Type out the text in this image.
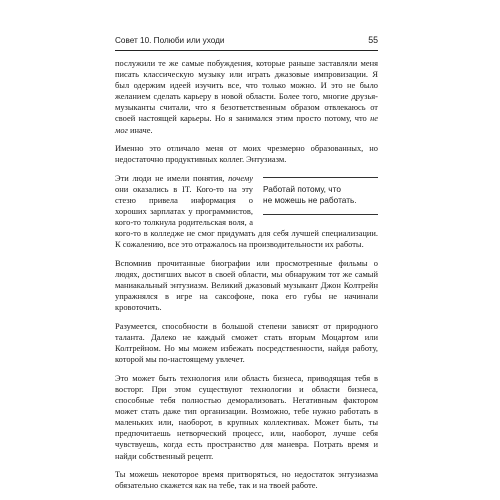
Совет 10. Полюби или уходи	55

послужили те же самые побуждения, которые раньше заставляли меня писать классическую музыку или играть джазовые импровизации. Я был одержим идеей изучить все, что только можно. И это не было желанием сделать карьеру в новой области. Более того, многие друзья-музыканты считали, что я безответственным образом отвлекаюсь от своей настоящей карьеры. Но я занимался этим просто потому, что не мог иначе.

Именно это отличало меня от моих чрезмерно образованных, но недостаточно продуктивных коллег. Энтузиазм.

Эти люди не имели понятия, почему
Работай потому, что
не можешь не работать.
они оказались в IT. Кого-то на эту стезю привела информация о хороших зарплатах у программистов, кого-то толкнула родительская воля, а кого-то в колледже не смог придумать для себя лучшей специализации. К сожалению, все это отражалось на производительности их работы.

Вспомнив прочитанные биографии или просмотренные фильмы о людях, достигших высот в своей области, мы обнаружим тот же самый маниакальный энтузиазм. Великий джазовый музыкант Джон Колтрейн упражнялся в игре на саксофоне, пока его губы не начинали кровоточить.

Разумеется, способности в большой степени зависят от природного таланта. Далеко не каждый сможет стать вторым Моцартом или Колтрейном. Но мы можем избежать посредственности, найдя работу, которой мы по-настоящему увлечет.

Это может быть технология или область бизнеса, приводящая тебя в восторг. При этом существуют технологии и области бизнеса, способные тебя полностью деморализовать. Негативным фактором может стать даже тип организации. Возможно, тебе нужно работать в маленьких или, наоборот, в крупных коллективах. Может быть, ты предпочитаешь нетворческий процесс, или, наоборот, лучше себя чувствуешь, когда есть пространство для маневра. Потрать время и найди собственный рецепт.

Ты можешь некоторое время притворяться, но недостаток энтузиазма обязательно скажется как на тебе, так и на твоей работе.
